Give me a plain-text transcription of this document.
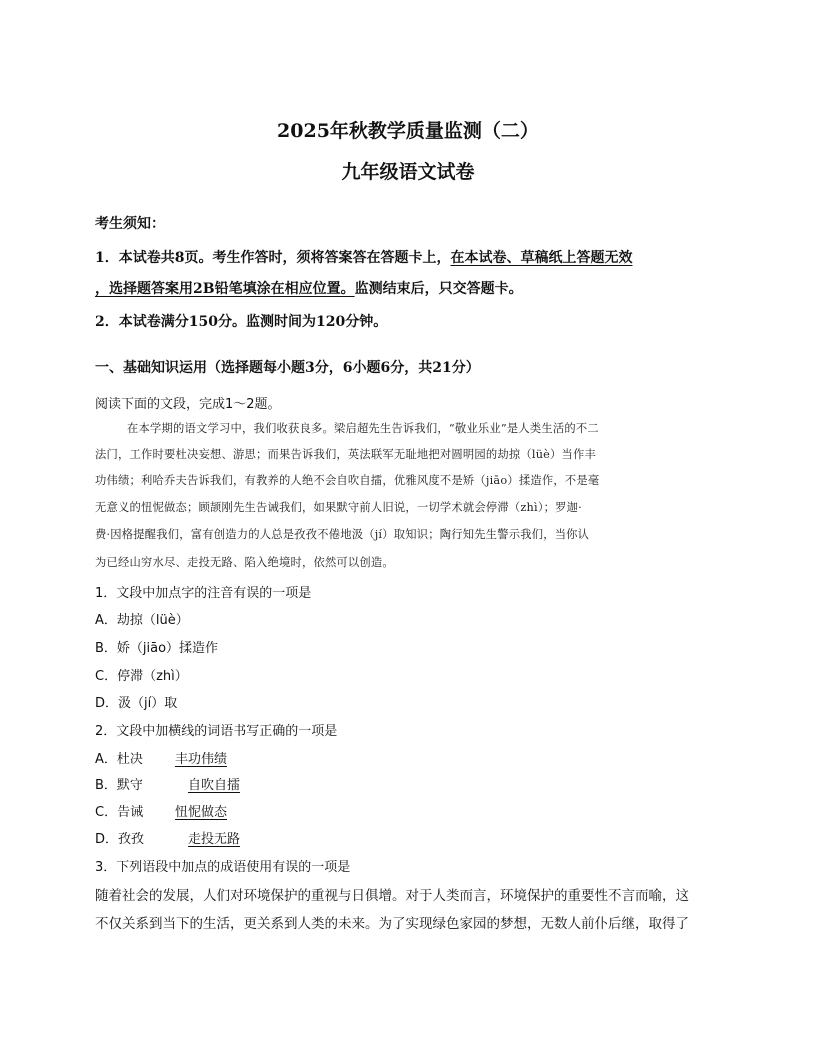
2025年秋教学质量监测（二）
九年级语文试卷
考生须知：
1．本试卷共8页。考生作答时，须将答案答在答题卡上，在本试卷、草稿纸上答题无效
，选择题答案用2B铅笔填涂在相应位置。监测结束后，只交答题卡。
2．本试卷满分150分。监测时间为120分钟。
一、基础知识运用（选择题每小题3分，6小题6分，共21分）
阅读下面的文段，完成1～2题。
在本学期的语文学习中，我们收获良多。梁启超先生告诉我们，“敬业乐业”是人类生活的不二
法门，工作时要杜决妄想、游思；而果告诉我们，英法联军无耻地把对圆明园的劫掠（lüè）当作丰
功伟绩；利哈乔夫告诉我们，有教养的人绝不会自吹自擂，优雅风度不是矫（jiāo）揉造作，不是毫
无意义的忸怩做态；顾颉刚先生告诫我们，如果默守前人旧说，一切学术就会停滞（zhì）；罗迦·
费·因格提醒我们，富有创造力的人总是孜孜不倦地汲（jí）取知识；陶行知先生警示我们，当你认
为已经山穷水尽、走投无路、陷入绝境时，依然可以创造。
1．文段中加点字的注音有误的一项是
A．劫掠（lüè）
B．娇（jiāo）揉造作
C．停滞（zhì）
D．汲（jí）取
2．文段中加横线的词语书写正确的一项是
A．杜决 丰功伟绩
B．默守	自吹自擂
C．告诫 忸怩做态
D．孜孜	走投无路
3．下列语段中加点的成语使用有误的一项是
随着社会的发展，人们对环境保护的重视与日俱增。对于人类而言，环境保护的重要性不言而喻，这
不仅关系到当下的生活，更关系到人类的未来。为了实现绿色家园的梦想，无数人前仆后继，取得了
